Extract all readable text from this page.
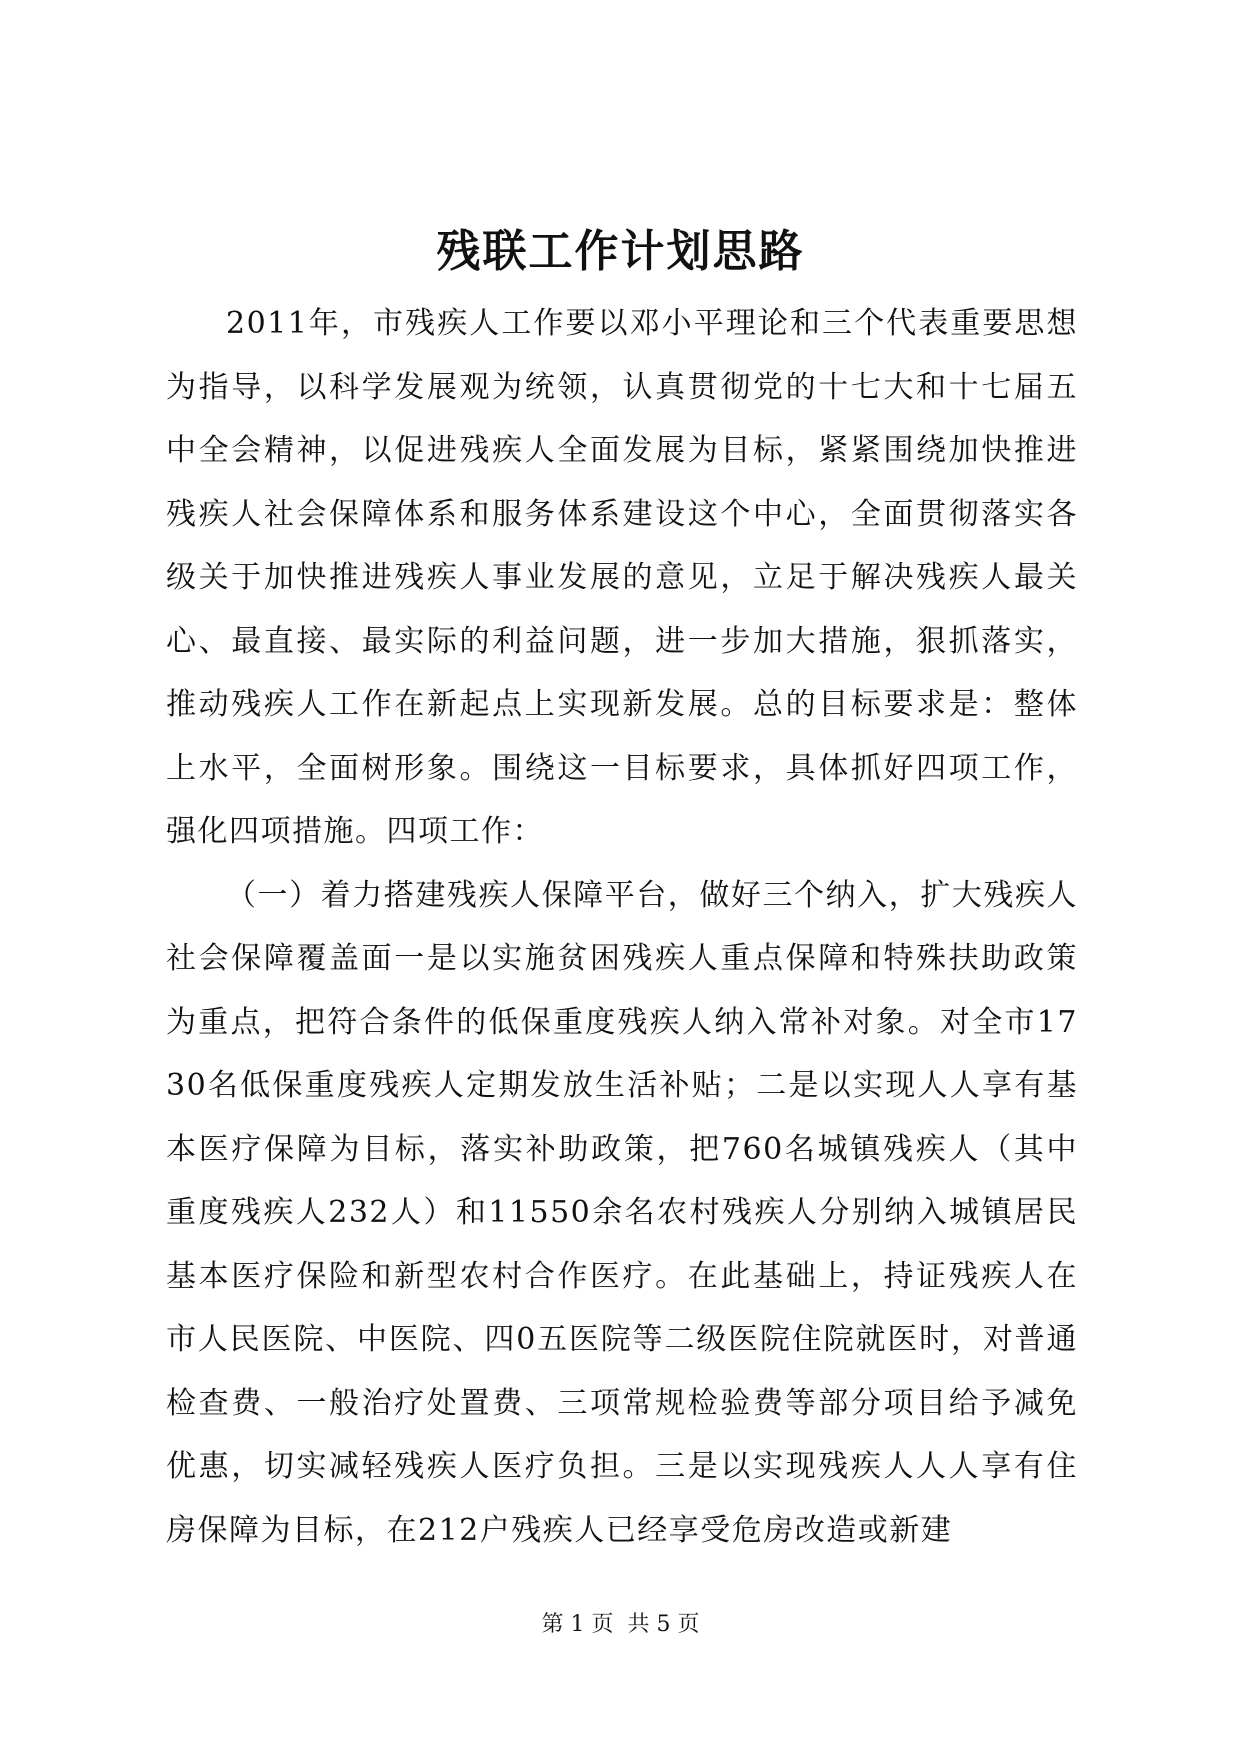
残联工作计划思路

2011年，市残疾人工作要以邓小平理论和三个代表重要思想为指导，以科学发展观为统领，认真贯彻党的十七大和十七届五中全会精神，以促进残疾人全面发展为目标，紧紧围绕加快推进残疾人社会保障体系和服务体系建设这个中心，全面贯彻落实各级关于加快推进残疾人事业发展的意见，立足于解决残疾人最关心、最直接、最实际的利益问题，进一步加大措施，狠抓落实，推动残疾人工作在新起点上实现新发展。总的目标要求是：整体上水平，全面树形象。围绕这一目标要求，具体抓好四项工作，强化四项措施。四项工作：

（一）着力搭建残疾人保障平台，做好三个纳入，扩大残疾人社会保障覆盖面一是以实施贫困残疾人重点保障和特殊扶助政策为重点，把符合条件的低保重度残疾人纳入常补对象。对全市1730名低保重度残疾人定期发放生活补贴；二是以实现人人享有基本医疗保障为目标，落实补助政策，把760名城镇残疾人（其中重度残疾人232人）和11550余名农村残疾人分别纳入城镇居民基本医疗保险和新型农村合作医疗。在此基础上，持证残疾人在市人民医院、中医院、四0五医院等二级医院住院就医时，对普通检查费、一般治疗处置费、三项常规检验费等部分项目给予减免优惠，切实减轻残疾人医疗负担。三是以实现残疾人人人享有住房保障为目标，在212户残疾人已经享受危房改造或新建

第 1 页  共 5 页
